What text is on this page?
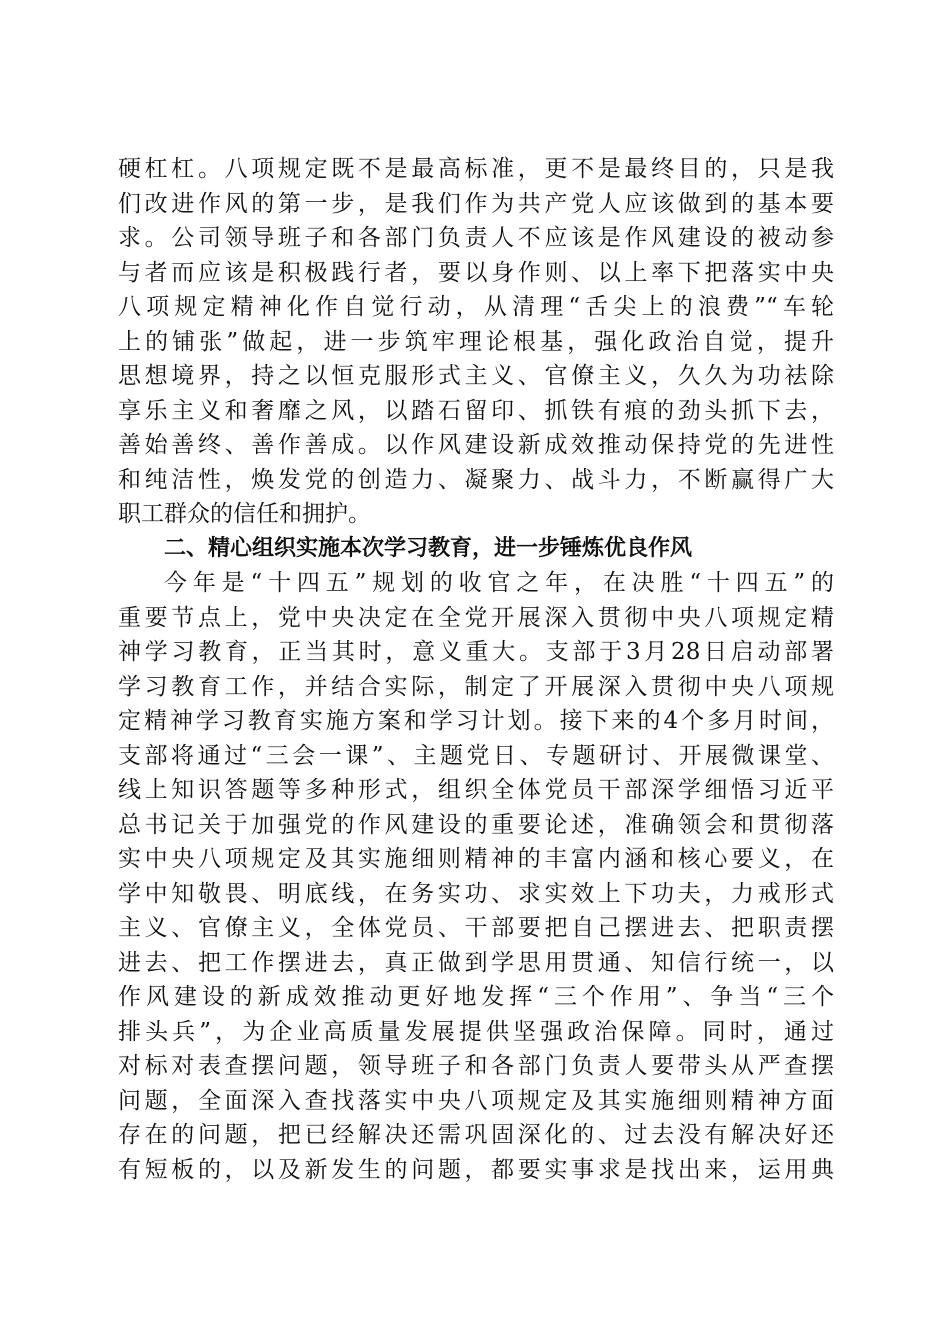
硬杠杠。八项规定既不是最高标准，更不是最终目的，只是我
们改进作风的第一步，是我们作为共产党人应该做到的基本要
求。公司领导班子和各部门负责人不应该是作风建设的被动参
与者而应该是积极践行者，要以身作则、以上率下把落实中央
八项规定精神化作自觉行动，从清理“舌尖上的浪费”“车轮
上的铺张”做起，进一步筑牢理论根基，强化政治自觉，提升
思想境界，持之以恒克服形式主义、官僚主义，久久为功祛除
享乐主义和奢靡之风，以踏石留印、抓铁有痕的劲头抓下去，
善始善终、善作善成。以作风建设新成效推动保持党的先进性
和纯洁性，焕发党的创造力、凝聚力、战斗力，不断赢得广大
职工群众的信任和拥护。
二、精心组织实施本次学习教育，进一步锤炼优良作风
今年是“十四五”规划的收官之年，在决胜“十四五”的
重要节点上，党中央决定在全党开展深入贯彻中央八项规定精
神学习教育，正当其时，意义重大。支部于3月28日启动部署
学习教育工作，并结合实际，制定了开展深入贯彻中央八项规
定精神学习教育实施方案和学习计划。接下来的4个多月时间，
支部将通过“三会一课”、主题党日、专题研讨、开展微课堂、
线上知识答题等多种形式，组织全体党员干部深学细悟习近平
总书记关于加强党的作风建设的重要论述，准确领会和贯彻落
实中央八项规定及其实施细则精神的丰富内涵和核心要义，在
学中知敬畏、明底线，在务实功、求实效上下功夫，力戒形式
主义、官僚主义，全体党员、干部要把自己摆进去、把职责摆
进去、把工作摆进去，真正做到学思用贯通、知信行统一，以
作风建设的新成效推动更好地发挥“三个作用”、争当“三个
排头兵”，为企业高质量发展提供坚强政治保障。同时，通过
对标对表查摆问题，领导班子和各部门负责人要带头从严查摆
问题，全面深入查找落实中央八项规定及其实施细则精神方面
存在的问题，把已经解决还需巩固深化的、过去没有解决好还
有短板的，以及新发生的问题，都要实事求是找出来，运用典
